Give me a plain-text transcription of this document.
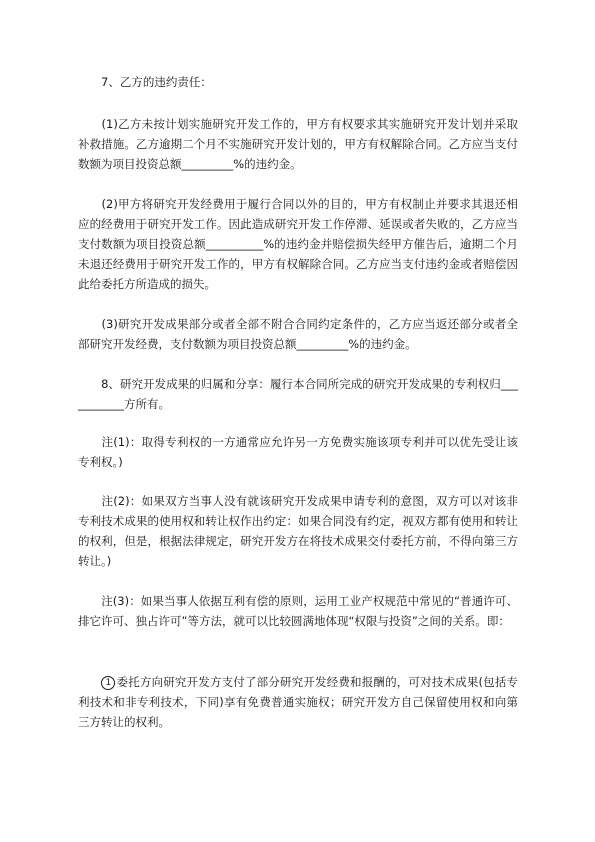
　　7、乙方的违约责任：

　　(1)乙方未按计划实施研究开发工作的，甲方有权要求其实施研究开发计划并采取补救措施。乙方逾期二个月不实施研究开发计划的，甲方有权解除合同。乙方应当支付数额为项目投资总额_________%的违约金。

　　(2)甲方将研究开发经费用于履行合同以外的目的，甲方有权制止并要求其退还相应的经费用于研究开发工作。因此造成研究开发工作停滞、延误或者失败的，乙方应当支付数额为项目投资总额__________%的违约金并赔偿损失经甲方催告后，逾期二个月未退还经费用于研究开发工作的，甲方有权解除合同。乙方应当支付违约金或者赔偿因此给委托方所造成的损失。

　　(3)研究开发成果部分或者全部不附合合同约定条件的，乙方应当返还部分或者全部研究开发经费，支付数额为项目投资总额_________%的违约金。

　　8、研究开发成果的归属和分享：履行本合同所完成的研究开发成果的专利权归___________方所有。

　　注(1)：取得专利权的一方通常应允许另一方免费实施该项专利并可以优先受让该专利权。)

　　注(2)：如果双方当事人没有就该研究开发成果申请专利的意图，双方可以对该非专利技术成果的使用权和转让权作出约定：如果合同没有约定，视双方都有使用和转让的权利，但是，根据法律规定，研究开发方在将技术成果交付委托方前，不得向第三方转让。)

　　注(3)：如果当事人依据互利有偿的原则，运用工业产权规范中常见的“普通许可、排它许可、独占许可”等方法，就可以比较圆满地体现“权限与投资”之间的关系。即：

　　1 委托方向研究开发方支付了部分研究开发经费和报酬的，可对技术成果(包括专利技术和非专利技术，下同)享有免费普通实施权；研究开发方自己保留使用权和向第三方转让的权利。
